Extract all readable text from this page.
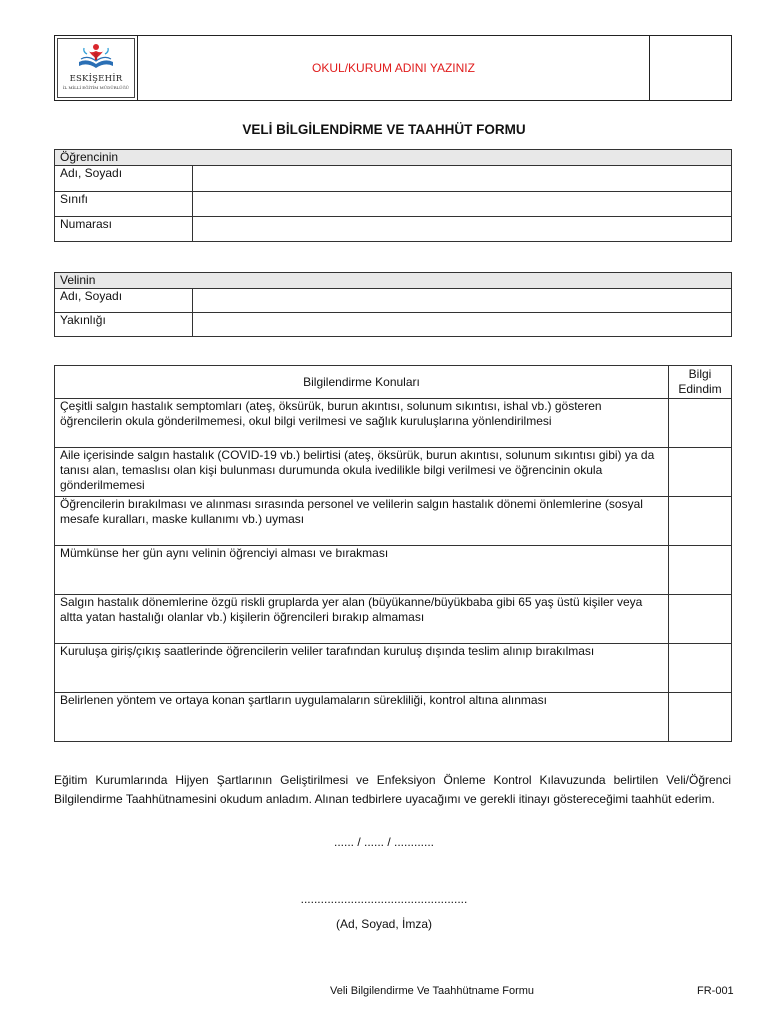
ESKİŞEHİR
İL MİLLİ EĞİTİM MÜDÜRLÜĞÜ
OKUL/KURUM ADINI YAZINIZ
VELİ BİLGİLENDİRME VE TAAHHÜT FORMU
Öğrencinin	
Adı, Soyadı	
Sınıfı	
Numarası	
Velinin	
Adı, Soyadı	
Yakınlığı	
Bilgilendirme Konuları	Bilgi Edindim
Çeşitli salgın hastalık semptomları (ateş, öksürük, burun akıntısı, solunum sıkıntısı, ishal vb.) gösteren öğrencilerin okula gönderilmemesi, okul bilgi verilmesi ve sağlık kuruluşlarına yönlendirilmesi	
Aile içerisinde salgın hastalık (COVID-19 vb.) belirtisi (ateş, öksürük, burun akıntısı, solunum sıkıntısı gibi) ya da tanısı alan, temaslısı olan kişi bulunması durumunda okula ivedilikle bilgi verilmesi ve öğrencinin okula gönderilmemesi	
Öğrencilerin bırakılması ve alınması sırasında personel ve velilerin salgın hastalık dönemi önlemlerine (sosyal mesafe kuralları, maske kullanımı vb.) uyması	
Mümkünse her gün aynı velinin öğrenciyi alması ve bırakması	
Salgın hastalık dönemlerine özgü riskli gruplarda yer alan (büyükanne/büyükbaba gibi 65 yaş üstü kişiler veya altta yatan hastalığı olanlar vb.) kişilerin öğrencileri bırakıp almaması	
Kuruluşa giriş/çıkış saatlerinde öğrencilerin veliler tarafından kuruluş dışında teslim alınıp bırakılması	
Belirlenen yöntem ve ortaya konan şartların uygulamaların sürekliliği, kontrol altına alınması	
Eğitim Kurumlarında Hijyen Şartlarının Geliştirilmesi ve Enfeksiyon Önleme Kontrol Kılavuzunda belirtilen Veli/Öğrenci Bilgilendirme Taahhütnamesini okudum anladım. Alınan tedbirlere uyacağımı ve gerekli itinayı göstereceğimi taahhüt ederim.
...... / ...... / ............
..................................................
(Ad, Soyad, İmza)
Veli Bilgilendirme Ve Taahhütname Formu	FR-001
